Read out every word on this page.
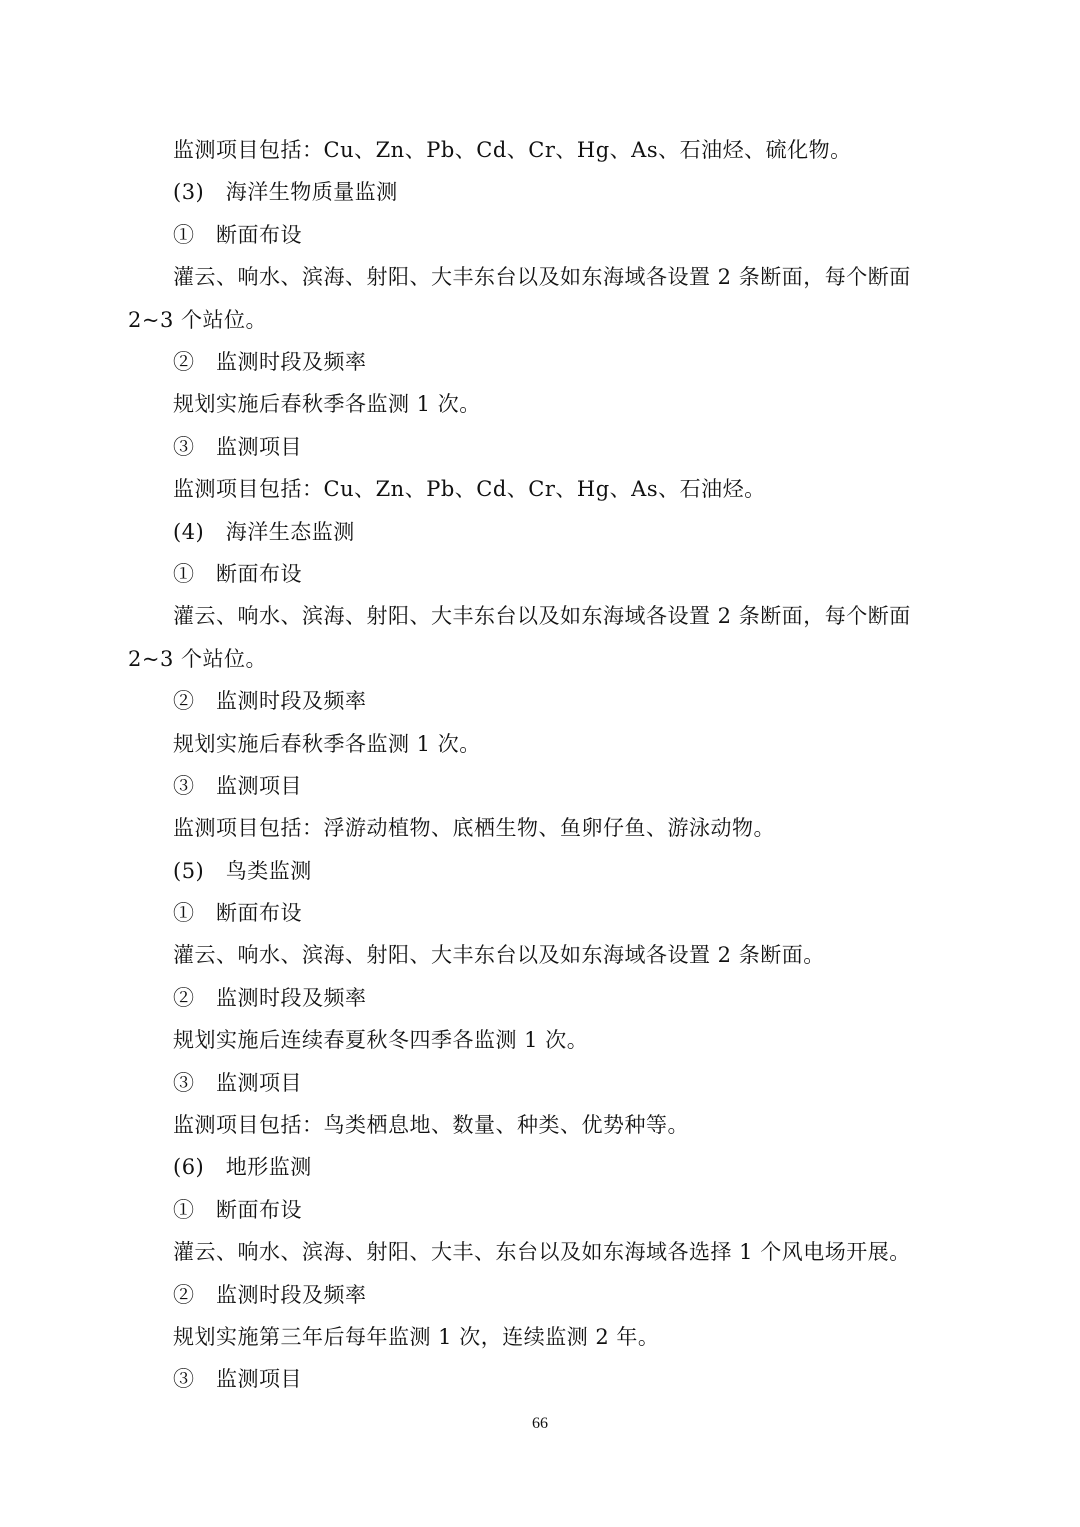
监测项目包括：Cu、Zn、Pb、Cd、Cr、Hg、As、石油烃、硫化物。
(3)　海洋生物质量监测
①　断面布设
灌云、响水、滨海、射阳、大丰东台以及如东海域各设置 2 条断面，每个断面 2~3 个站位。
②　监测时段及频率
规划实施后春秋季各监测 1 次。
③　监测项目
监测项目包括：Cu、Zn、Pb、Cd、Cr、Hg、As、石油烃。
(4)　海洋生态监测
①　断面布设
灌云、响水、滨海、射阳、大丰东台以及如东海域各设置 2 条断面，每个断面 2~3 个站位。
②　监测时段及频率
规划实施后春秋季各监测 1 次。
③　监测项目
监测项目包括：浮游动植物、底栖生物、鱼卵仔鱼、游泳动物。
(5)　鸟类监测
①　断面布设
灌云、响水、滨海、射阳、大丰东台以及如东海域各设置 2 条断面。
②　监测时段及频率
规划实施后连续春夏秋冬四季各监测 1 次。
③　监测项目
监测项目包括：鸟类栖息地、数量、种类、优势种等。
(6)　地形监测
①　断面布设
灌云、响水、滨海、射阳、大丰、东台以及如东海域各选择 1 个风电场开展。
②　监测时段及频率
规划实施第三年后每年监测 1 次，连续监测 2 年。
③　监测项目
66
